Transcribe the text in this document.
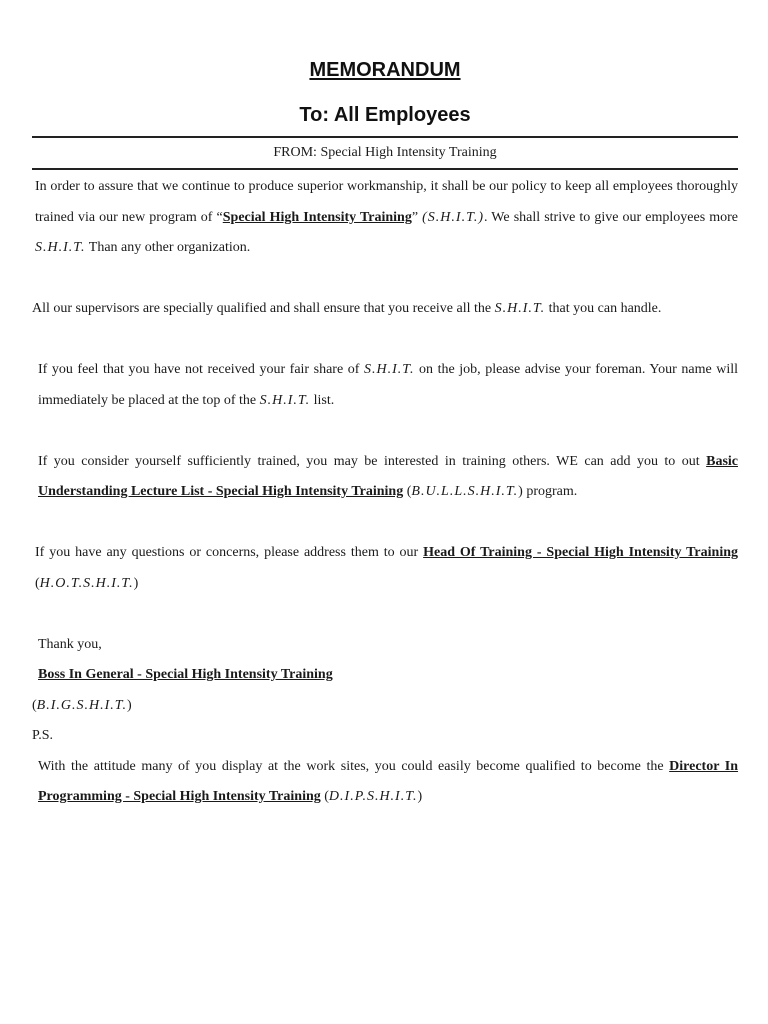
MEMORANDUM
To: All Employees
FROM: Special High Intensity Training

In order to assure that we continue to produce superior workmanship, it shall be our policy to keep all employees thoroughly trained via our new program of “Special High Intensity Training” (S.H.I.T.). We shall strive to give our employees more S.H.I.T. Than any other organization.

All our supervisors are specially qualified and shall ensure that you receive all the S.H.I.T. that you can handle.

If you feel that you have not received your fair share of S.H.I.T. on the job, please advise your foreman. Your name will immediately be placed at the top of the S.H.I.T. list.

If you consider yourself sufficiently trained, you may be interested in training others. WE can add you to out Basic Understanding Lecture List - Special High Intensity Training (B.U.L.L.S.H.I.T.) program.

If you have any questions or concerns, please address them to our Head Of Training - Special High Intensity Training (H.O.T.S.H.I.T.)

Thank you,

Boss In General - Special High Intensity Training

(B.I.G.S.H.I.T.)

P.S.

With the attitude many of you display at the work sites, you could easily become qualified to become the Director In Programming - Special High Intensity Training (D.I.P.S.H.I.T.)
